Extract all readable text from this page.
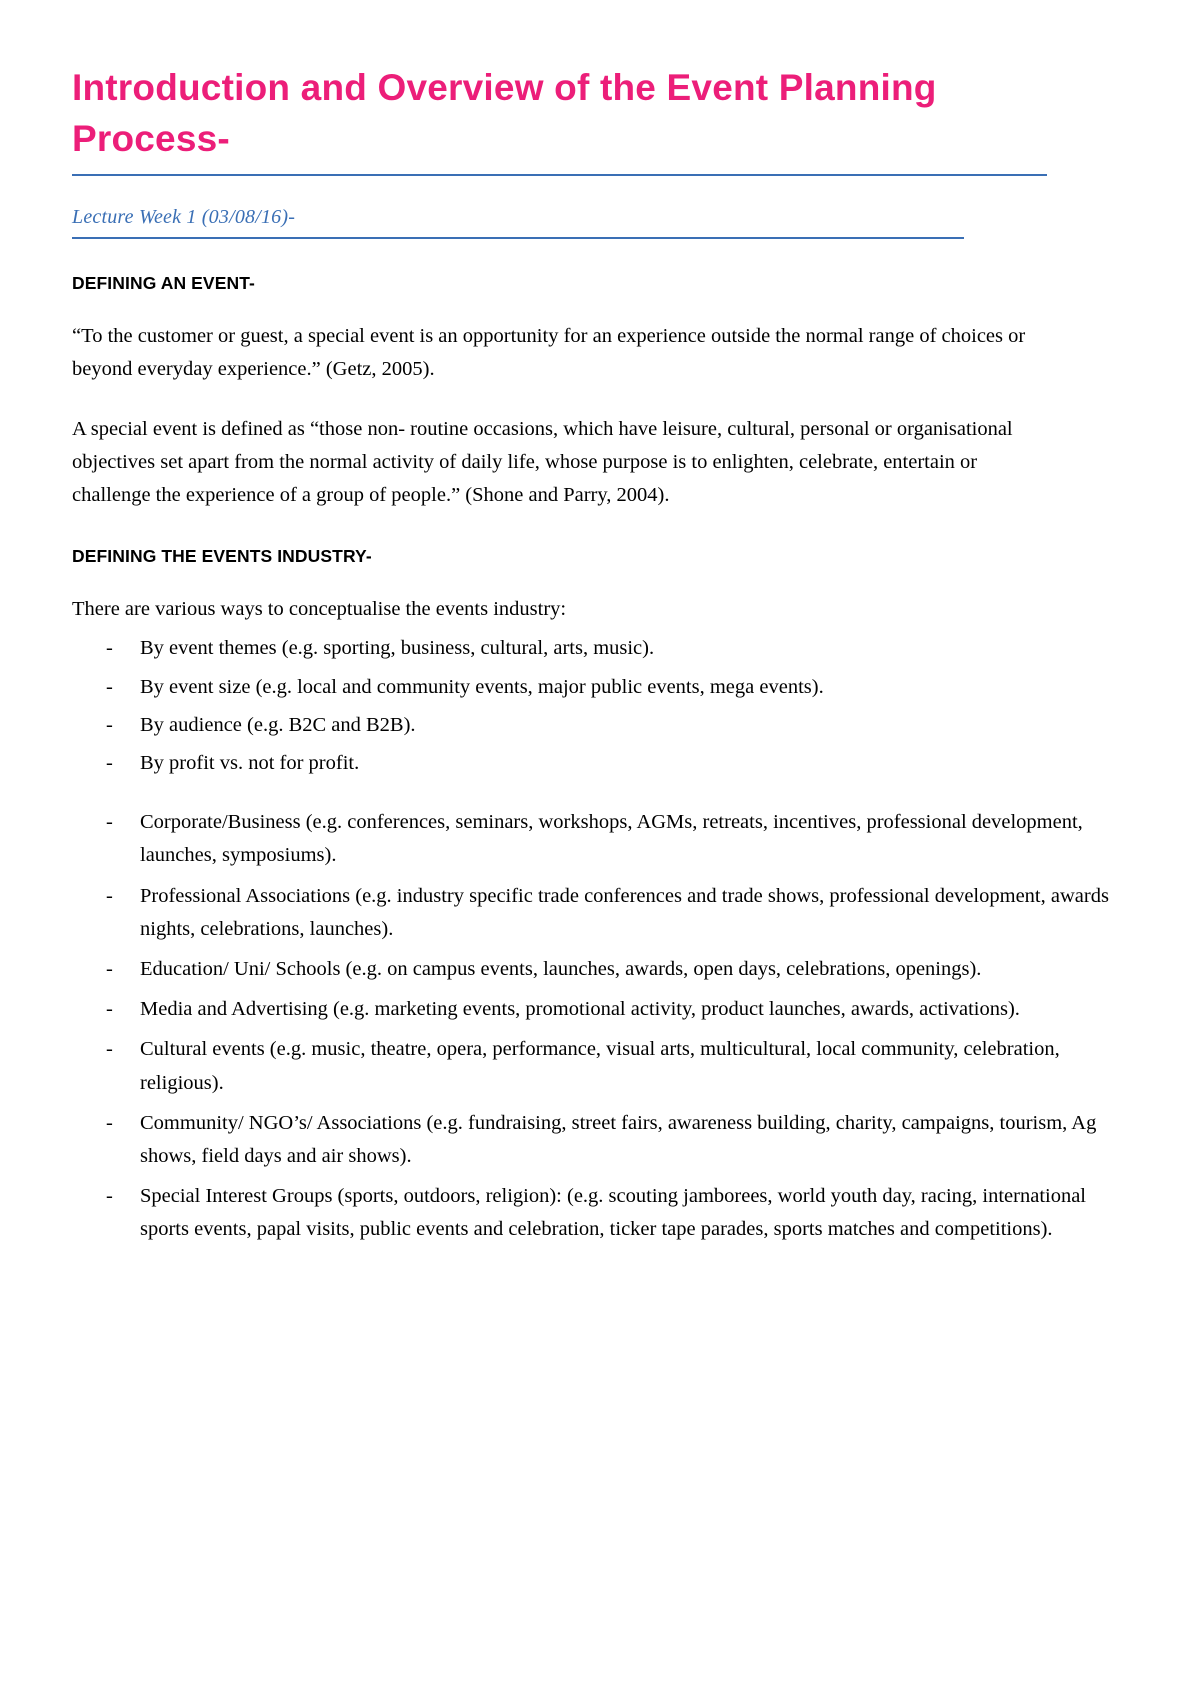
Introduction and Overview of the Event Planning Process-
Lecture Week 1 (03/08/16)-
DEFINING AN EVENT-

“To the customer or guest, a special event is an opportunity for an experience outside the normal range of choices or beyond everyday experience.” (Getz, 2005).

A special event is defined as “those non- routine occasions, which have leisure, cultural, personal or organisational objectives set apart from the normal activity of daily life, whose purpose is to enlighten, celebrate, entertain or challenge the experience of a group of people.” (Shone and Parry, 2004).

DEFINING THE EVENTS INDUSTRY-

There are various ways to conceptualise the events industry:

- By event themes (e.g. sporting, business, cultural, arts, music).
- By event size (e.g. local and community events, major public events, mega events).
- By audience (e.g. B2C and B2B).
- By profit vs. not for profit.
- Corporate/Business (e.g. conferences, seminars, workshops, AGMs, retreats, incentives, professional development, launches, symposiums).
- Professional Associations (e.g. industry specific trade conferences and trade shows, professional development, awards nights, celebrations, launches).
- Education/ Uni/ Schools (e.g. on campus events, launches, awards, open days, celebrations, openings).
- Media and Advertising (e.g. marketing events, promotional activity, product launches, awards, activations).
- Cultural events (e.g. music, theatre, opera, performance, visual arts, multicultural, local community, celebration, religious).
- Community/ NGO’s/ Associations (e.g. fundraising, street fairs, awareness building, charity, campaigns, tourism, Ag shows, field days and air shows).
- Special Interest Groups (sports, outdoors, religion): (e.g. scouting jamborees, world youth day, racing, international sports events, papal visits, public events and celebration, ticker tape parades, sports matches and competitions).
